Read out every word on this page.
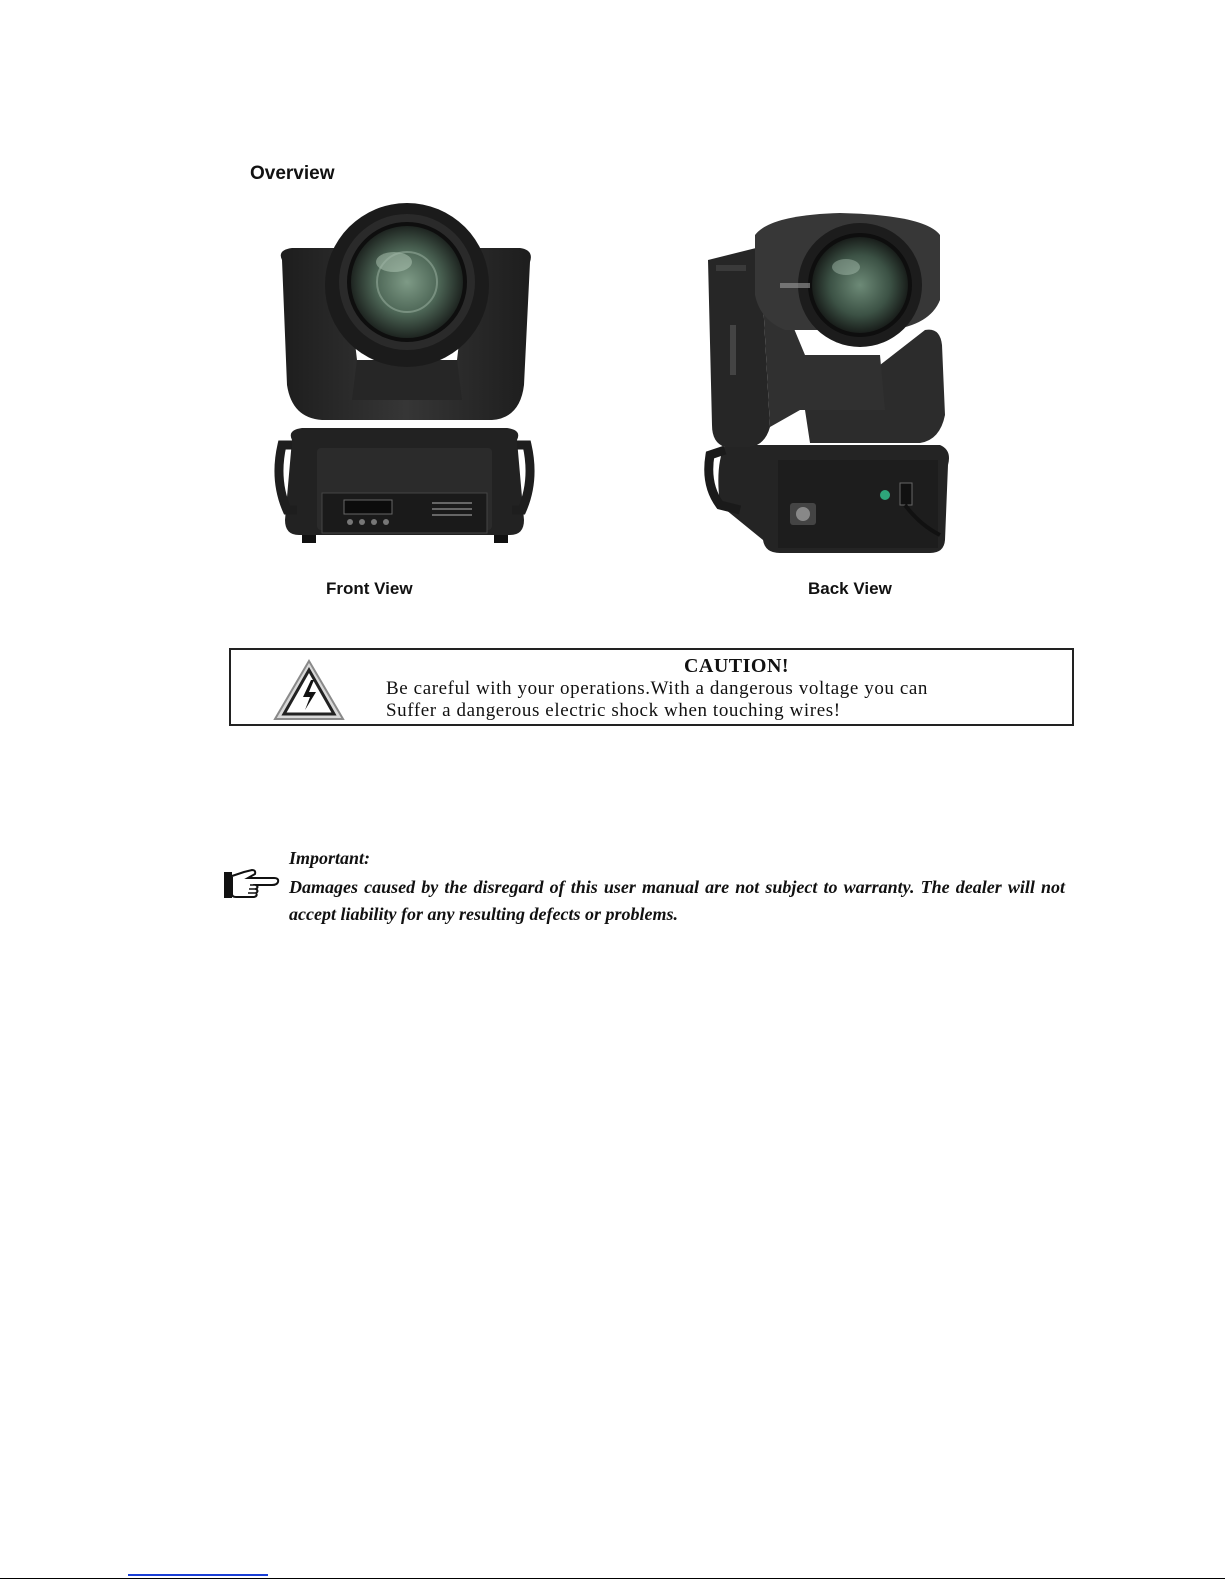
Overview
Front View	Back View
CAUTION!
Be careful with your operations.With a dangerous voltage you can
Suffer a dangerous electric shock when touching wires!
Important:
Damages caused by the disregard of this user manual are not subject to warranty. The dealer will not accept liability for any resulting defects or problems.
